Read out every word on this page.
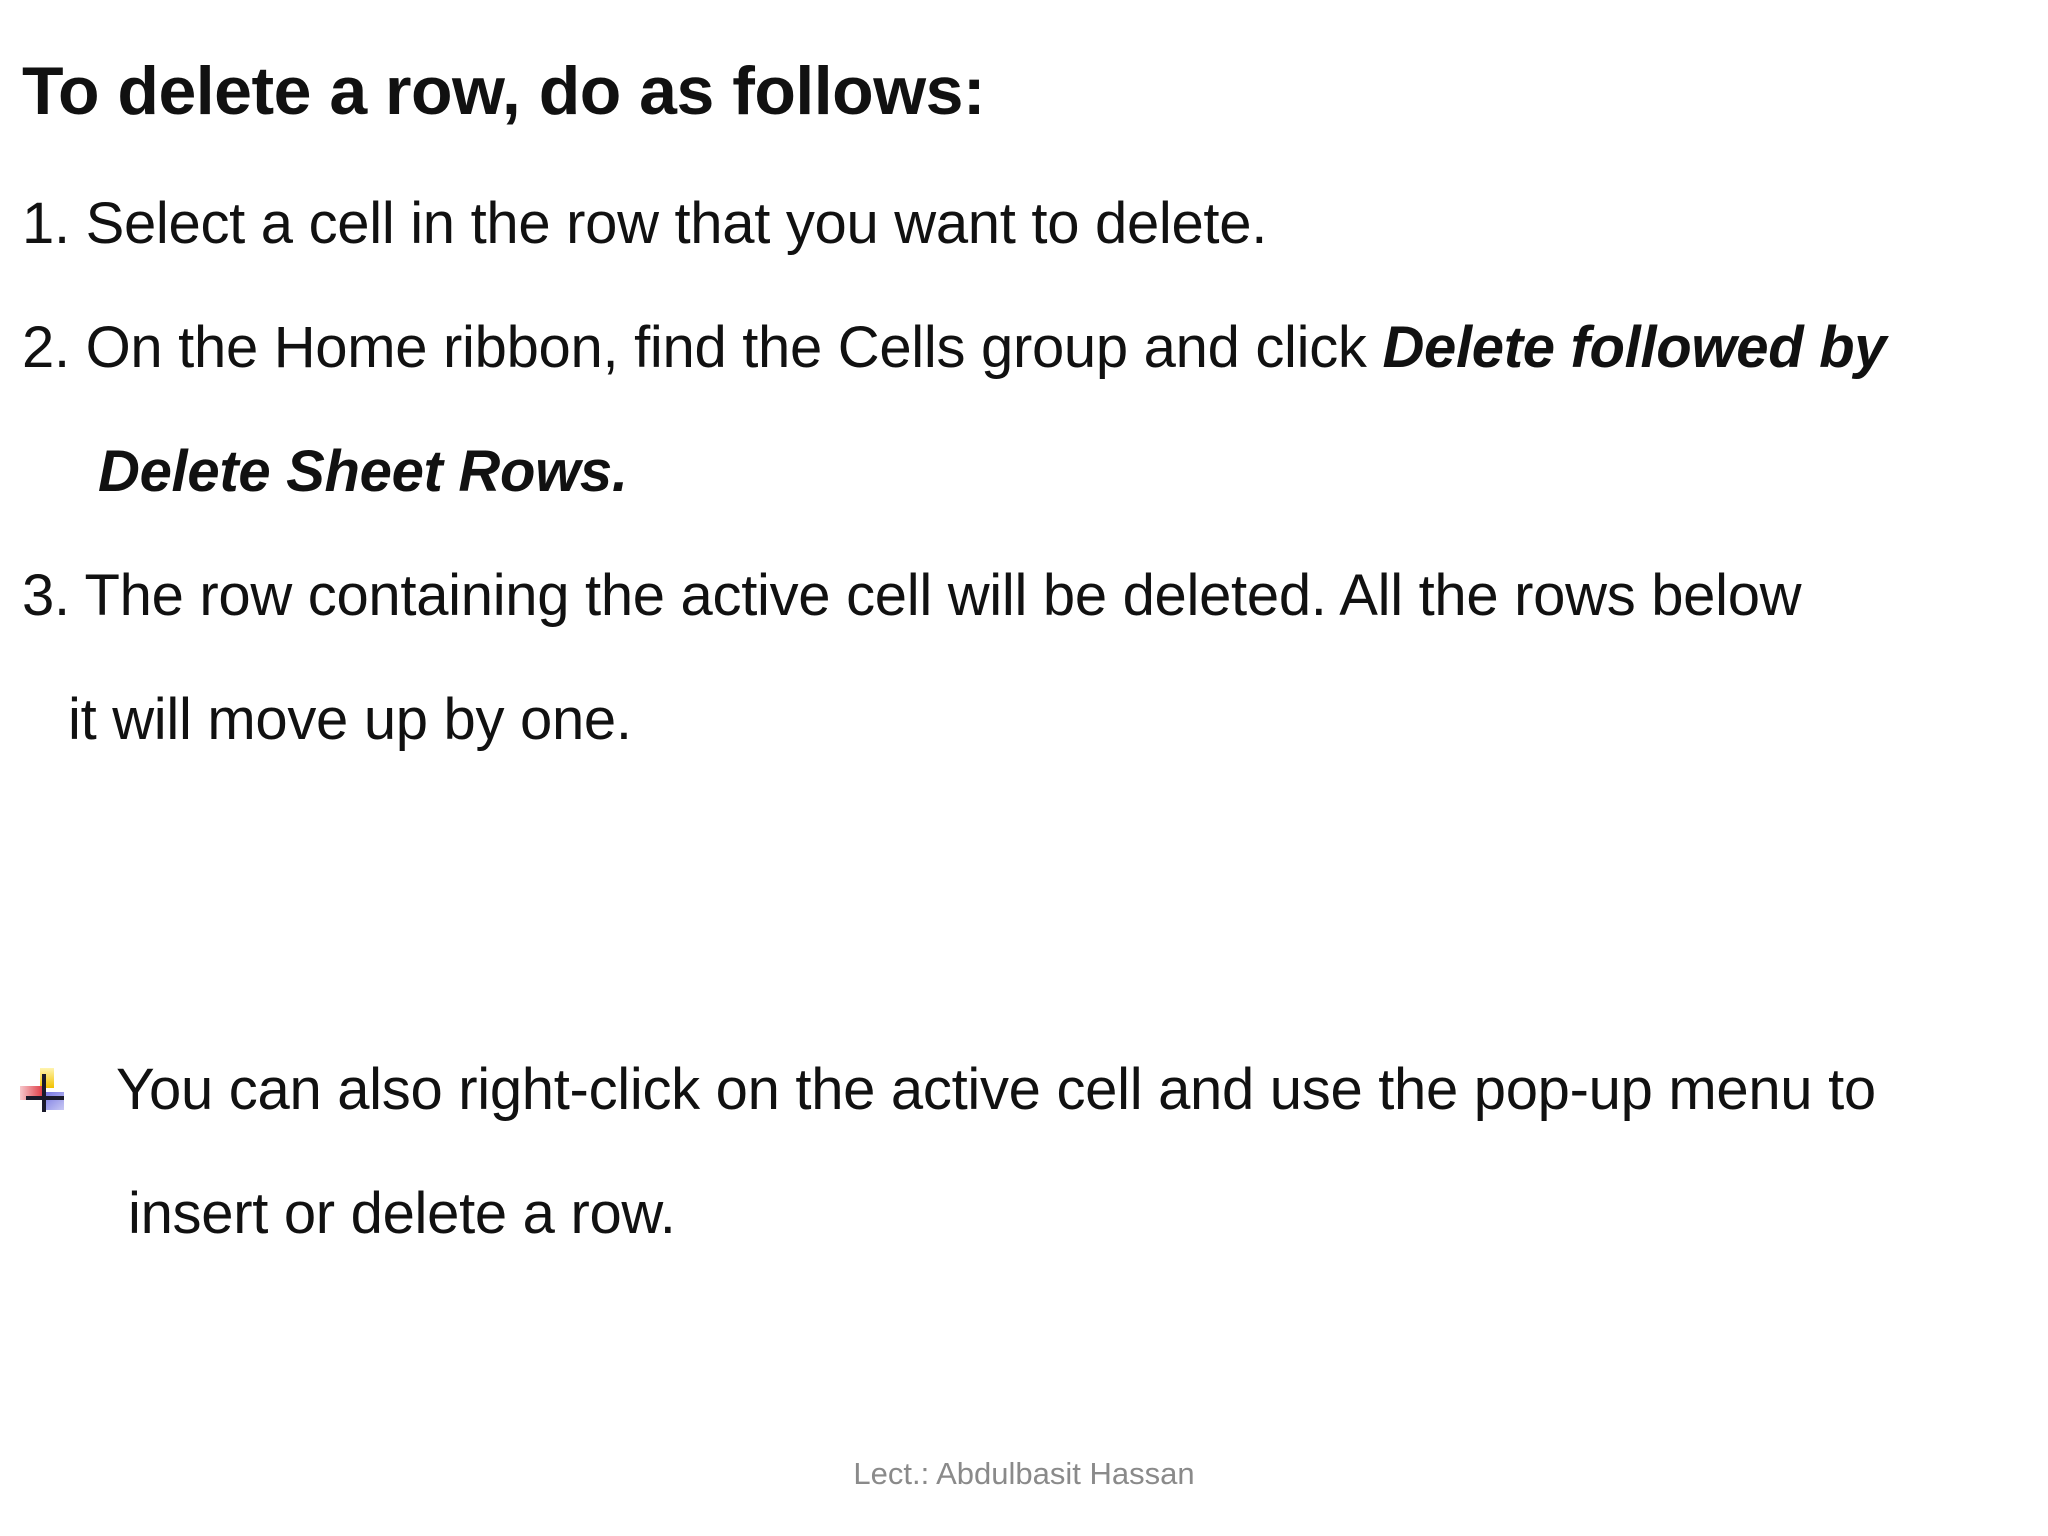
To delete a row, do as follows:
1. Select a cell in the row that you want to delete.
2. On the Home ribbon, find the Cells group and click Delete followed by
Delete Sheet Rows.
3. The row containing the active cell will be deleted. All the rows below
it will move up by one.
You can also right-click on the active cell and use the pop-up menu to
insert or delete a row.
Lect.: Abdulbasit Hassan
